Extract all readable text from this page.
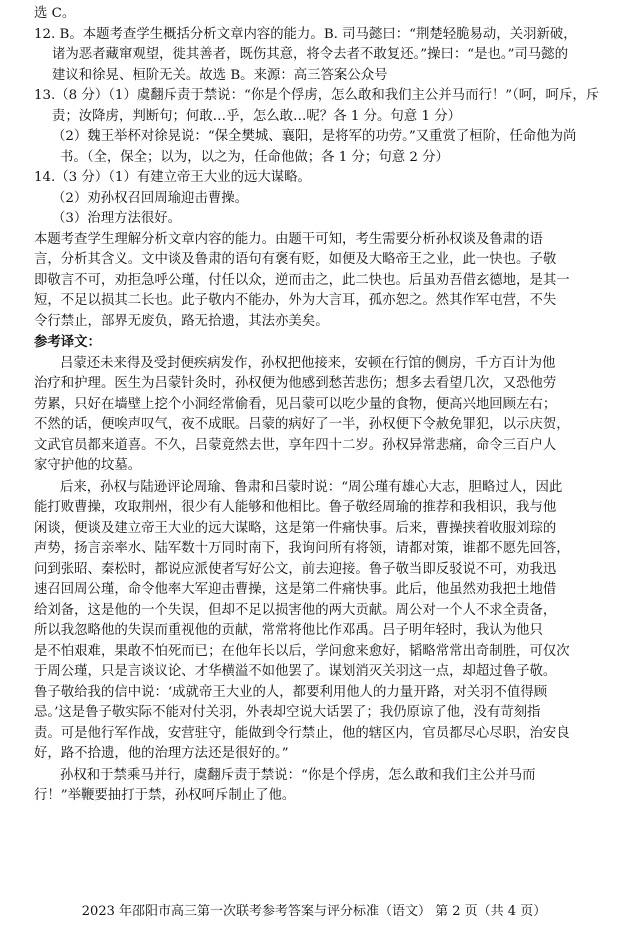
选 C。
12. B。本题考查学生概括分析文章内容的能力。B. 司马懿曰：“荆楚轻脆易动，关羽新破，
诸为恶者藏窜观望，徙其善者，既伤其意，将令去者不敢复还。”操曰：“是也。”司马懿的
建议和徐晃、桓阶无关。故选 B。来源：高三答案公众号
13.（8 分）（1）虞翻斥责于禁说：“你是个俘虏，怎么敢和我们主公并马而行！”（呵，呵斥，斥
责；汝降虏，判断句；何敢…乎，怎么敢…呢？各 1 分。句意 1 分）
（2）魏王举杯对徐晃说：“保全樊城、襄阳，是将军的功劳。”又重赏了桓阶，任命他为尚
书。（全，保全；以为，以之为，任命他做；各 1 分；句意 2 分）
14.（3 分）（1）有建立帝王大业的远大谋略。
（2）劝孙权召回周瑜迎击曹操。
（3）治理方法很好。
本题考查学生理解分析文章内容的能力。由题干可知，考生需要分析孙权谈及鲁肃的语
言，分析其含义。文中谈及鲁肃的语句有褒有贬，如便及大略帝王之业，此一快也。子敬
即敬言不可，劝拒急呼公瑾，付任以众，逆而击之，此二快也。后虽劝吾借玄德地，是其一
短，不足以损其二长也。此子敬内不能办，外为大言耳，孤亦恕之。然其作军屯营，不失
令行禁止，部界无废负，路无拾遗，其法亦美矣。
参考译文：
吕蒙还未来得及受封便疾病发作，孙权把他接来，安顿在行馆的侧房，千方百计为他
治疗和护理。医生为吕蒙针灸时，孙权便为他感到愁苦悲伤；想多去看望几次，又恐他劳
劳累，只好在墙壁上挖个小洞经常偷看，见吕蒙可以吃少量的食物，便高兴地回顾左右；
不然的话，便唉声叹气，夜不成眠。吕蒙的病好了一半，孙权便下令赦免罪犯，以示庆贺，
文武官员都来道喜。不久，吕蒙竟然去世，享年四十二岁。孙权异常悲痛，命令三百户人
家守护他的坟墓。
后来，孙权与陆逊评论周瑜、鲁肃和吕蒙时说：“周公瑾有雄心大志，胆略过人，因此
能打败曹操，攻取荆州，很少有人能够和他相比。鲁子敬经周瑜的推荐和我相识，我与他
闲谈，便谈及建立帝王大业的远大谋略，这是第一件痛快事。后来，曹操挟着收服刘琮的
声势，扬言亲率水、陆军数十万同时南下，我询问所有将领，请都对策，谁都不愿先回答，
问到张昭、秦松时，都说应派使者写好公文，前去迎接。鲁子敬当即反驳说不可，劝我迅
速召回周公瑾，命令他率大军迎击曹操，这是第二件痛快事。此后，他虽然劝我把土地借
给刘备，这是他的一个失误，但却不足以损害他的两大贡献。周公对一个人不求全责备，
所以我忽略他的失误而重视他的贡献，常常将他比作邓禹。吕子明年轻时，我认为他只
是不怕艰难，果敢不怕死而已；在他年长以后，学问愈来愈好，韬略常常出奇制胜，可仅次
于周公瑾，只是言谈议论、才华横溢不如他罢了。谋划消灭关羽这一点，却超过鲁子敬。
鲁子敬给我的信中说：‘成就帝王大业的人，都要利用他人的力量开路，对关羽不值得顾
忌。’这是鲁子敬实际不能对付关羽，外表却空说大话罢了；我仍原谅了他，没有苛刻指
责。可是他行军作战，安营驻守，能做到令行禁止，他的辖区内，官员都尽心尽职，治安良
好，路不拾遗，他的治理方法还是很好的。”
孙权和于禁乘马并行，虞翻斥责于禁说：“你是个俘虏，怎么敢和我们主公并马而
行！”举鞭要抽打于禁，孙权呵斥制止了他。
2023 年邵阳市高三第一次联考参考答案与评分标准（语文） 第 2 页（共 4 页）
